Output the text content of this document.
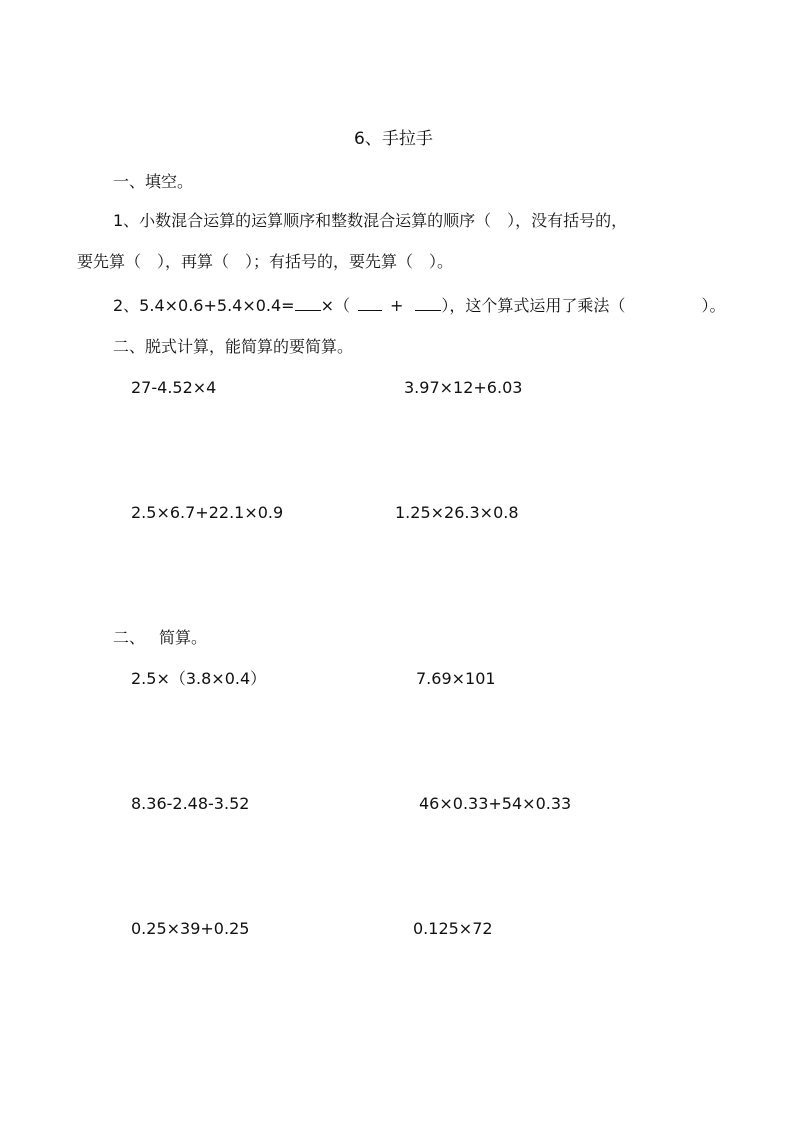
6、手拉手
一、填空。
1、小数混合运算的运算顺序和整数混合运算的顺序（　），没有括号的，
要先算（　），再算（　）；有括号的，要先算（　）。
2、5.4×0.6+5.4×0.4= ×（	+ ），这个算式运用了乘法（	）。
二、脱式计算，能简算的要简算。
27-4.52×4	3.97×12+6.03
2.5×6.7+22.1×0.9	1.25×26.3×0.8
二、 简算。
2.5×（3.8×0.4）	7.69×101
8.36-2.48-3.52	46×0.33+54×0.33
0.25×39+0.25	0.125×72
